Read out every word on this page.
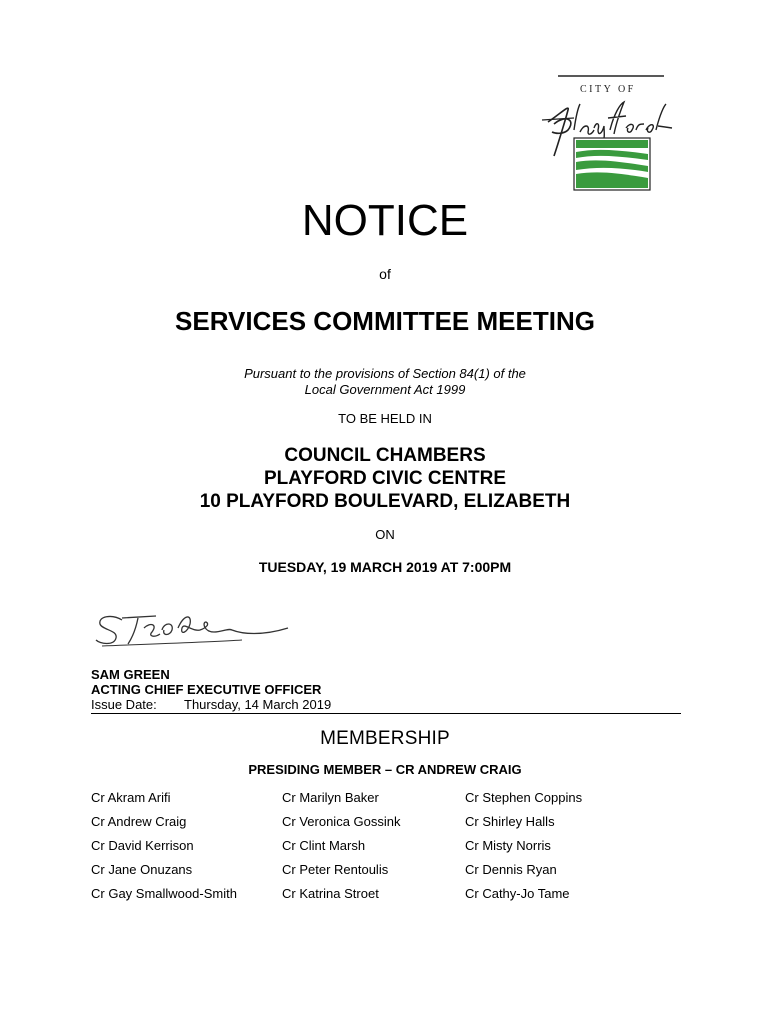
CITY OF
NOTICE
of
SERVICES COMMITTEE MEETING
Pursuant to the provisions of Section 84(1) of the
Local Government Act 1999
TO BE HELD IN
COUNCIL CHAMBERS
PLAYFORD CIVIC CENTRE
10 PLAYFORD BOULEVARD, ELIZABETH
ON
TUESDAY, 19 MARCH 2019 AT 7:00PM
SAM GREEN
ACTING CHIEF EXECUTIVE OFFICER
Issue Date: Thursday, 14 March 2019
MEMBERSHIP
PRESIDING MEMBER – CR ANDREW CRAIG
Cr Akram Arifi	Cr Marilyn Baker	Cr Stephen Coppins
Cr Andrew Craig	Cr Veronica Gossink	Cr Shirley Halls
Cr David Kerrison	Cr Clint Marsh	Cr Misty Norris
Cr Jane Onuzans	Cr Peter Rentoulis	Cr Dennis Ryan
Cr Gay Smallwood-Smith	Cr Katrina Stroet	Cr Cathy-Jo Tame
